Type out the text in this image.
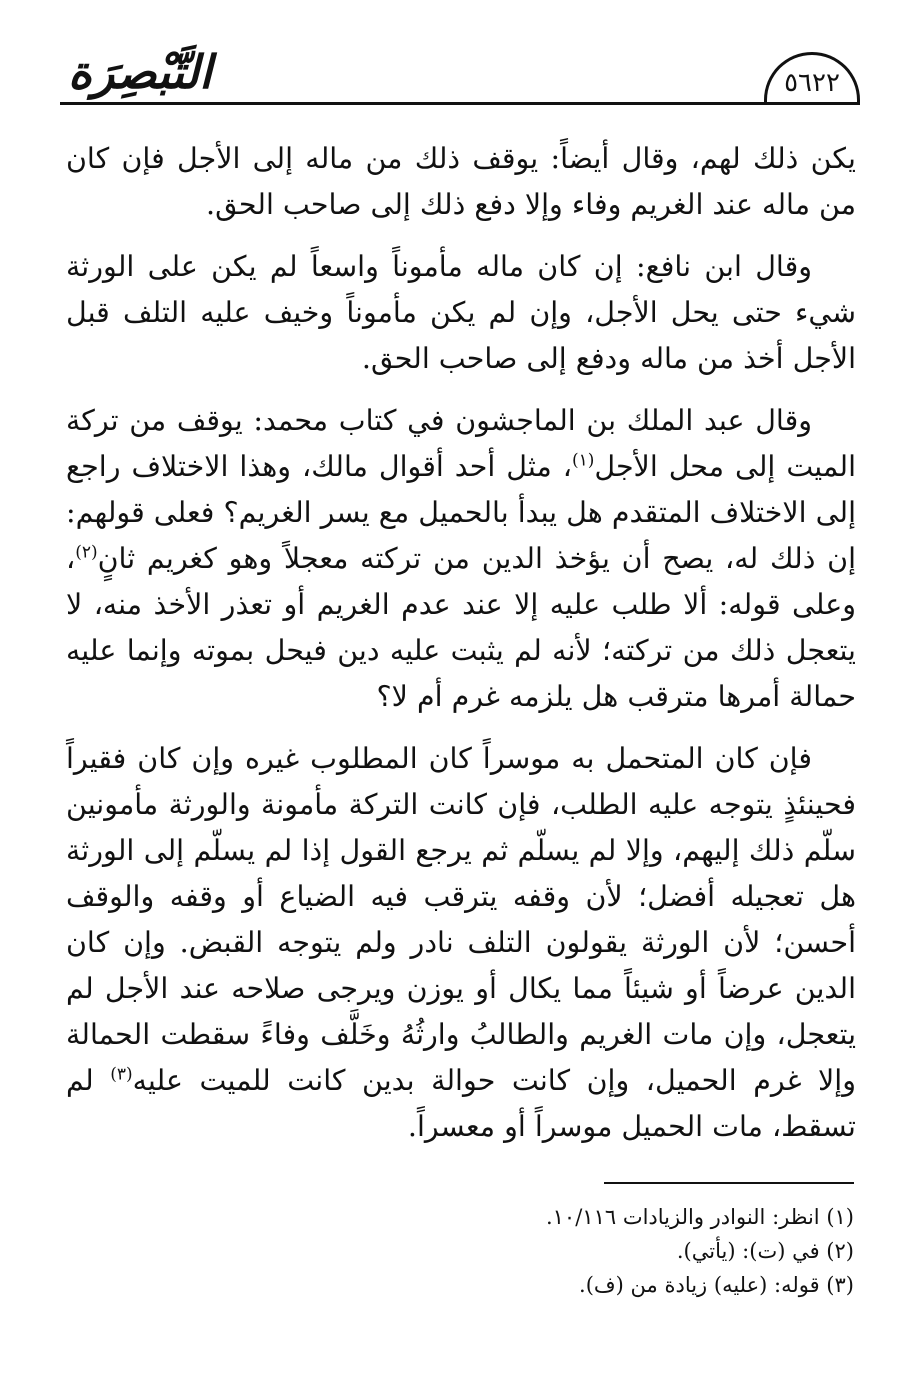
التَّبْصِرَة	٥٦٢٢

يكن ذلك لهم، وقال أيضاً: يوقف ذلك من ماله إلى الأجل فإن كان من ماله عند الغريم وفاء وإلا دفع ذلك إلى صاحب الحق.

وقال ابن نافع: إن كان ماله مأموناً واسعاً لم يكن على الورثة شيء حتى يحل الأجل، وإن لم يكن مأموناً وخيف عليه التلف قبل الأجل أخذ من ماله ودفع إلى صاحب الحق.

وقال عبد الملك بن الماجشون في كتاب محمد: يوقف من تركة الميت إلى محل الأجل$^{(١)}$، مثل أحد أقوال مالك، وهذا الاختلاف راجع إلى الاختلاف المتقدم هل يبدأ بالحميل مع يسر الغريم؟ فعلى قولهم: إن ذلك له، يصح أن يؤخذ الدين من تركته معجلاً وهو كغريم ثانٍ$^{(٢)}$، وعلى قوله: ألا طلب عليه إلا عند عدم الغريم أو تعذر الأخذ منه، لا يتعجل ذلك من تركته؛ لأنه لم يثبت عليه دين فيحل بموته وإنما عليه حمالة أمرها مترقب هل يلزمه غرم أم لا؟

فإن كان المتحمل به موسراً كان المطلوب غيره وإن كان فقيراً فحينئذٍ يتوجه عليه الطلب، فإن كانت التركة مأمونة والورثة مأمونين سلّم ذلك إليهم، وإلا لم يسلّم ثم يرجع القول إذا لم يسلّم إلى الورثة هل تعجيله أفضل؛ لأن وقفه يترقب فيه الضياع أو وقفه والوقف أحسن؛ لأن الورثة يقولون التلف نادر ولم يتوجه القبض. وإن كان الدين عرضاً أو شيئاً مما يكال أو يوزن ويرجى صلاحه عند الأجل لم يتعجل، وإن مات الغريم والطالبُ وارثُهُ وخَلَّف وفاءً سقطت الحمالة وإلا غرم الحميل، وإن كانت حوالة بدين كانت للميت عليه$^{(٣)}$ لم تسقط، مات الحميل موسراً أو معسراً.

(١) انظر: النوادر والزيادات ١٠/١١٦.

(٢) في (ت): (يأتي).

(٣) قوله: (عليه) زيادة من (ف).
